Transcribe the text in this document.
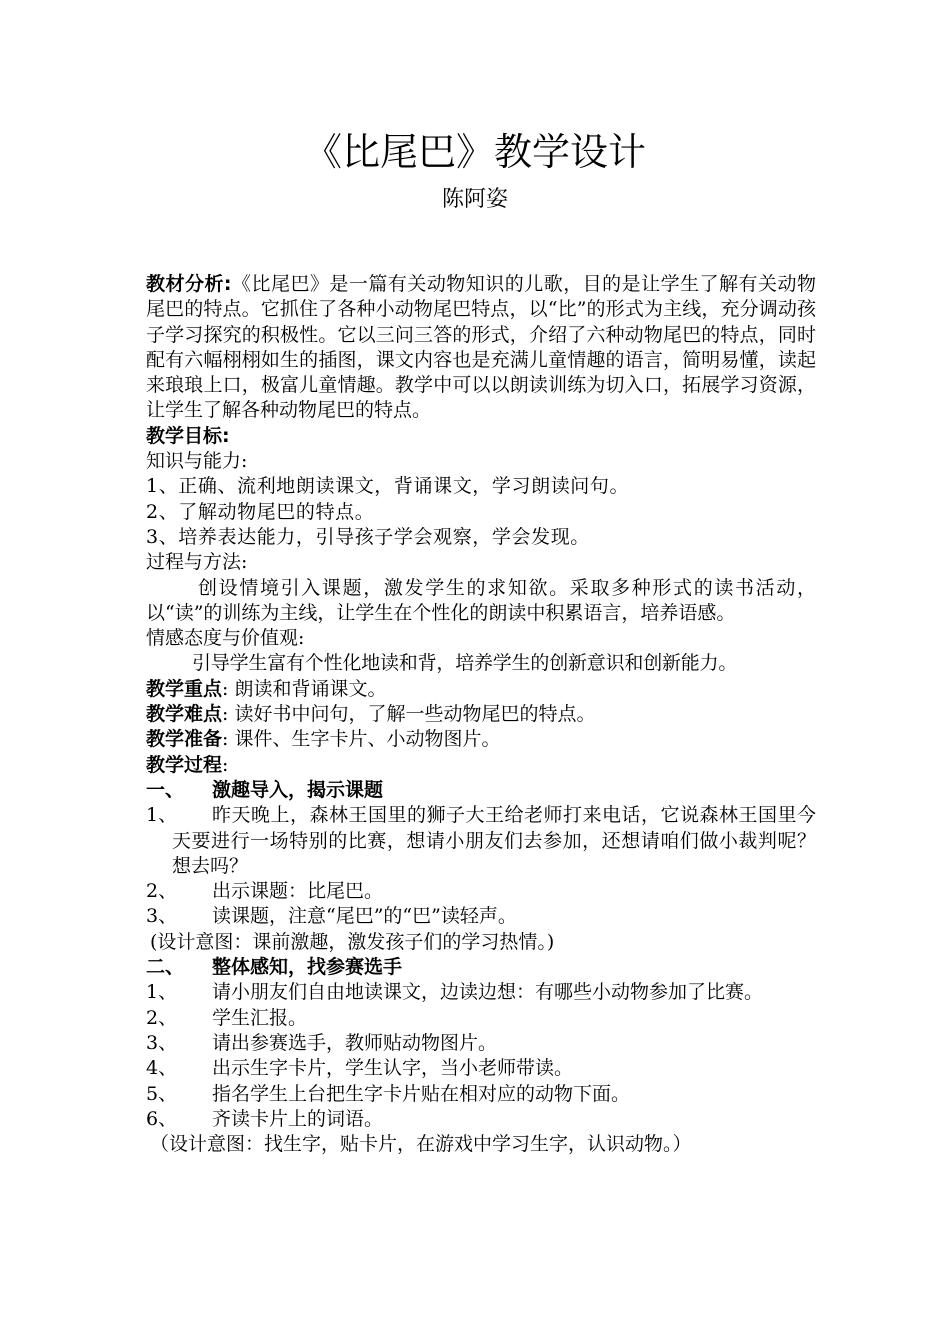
《比尾巴》教学设计
陈阿姿

教材分析:《比尾巴》是一篇有关动物知识的儿歌，目的是让学生了解有关动物尾巴的特点。它抓住了各种小动物尾巴特点，以“比”的形式为主线，充分调动孩子学习探究的积极性。它以三问三答的形式，介绍了六种动物尾巴的特点，同时配有六幅栩栩如生的插图，课文内容也是充满儿童情趣的语言，简明易懂，读起来琅琅上口，极富儿童情趣。教学中可以以朗读训练为切入口，拓展学习资源，让学生了解各种动物尾巴的特点。

教学目标:

知识与能力:

1、正确、流利地朗读课文，背诵课文，学习朗读问句。

2、了解动物尾巴的特点。

3、培养表达能力，引导孩子学会观察，学会发现。

过程与方法:

创设情境引入课题，激发学生的求知欲。采取多种形式的读书活动，以“读”的训练为主线，让学生在个性化的朗读中积累语言，培养语感。

情感态度与价值观:

引导学生富有个性化地读和背，培养学生的创新意识和创新能力。

教学重点: 朗读和背诵课文。

教学难点: 读好书中问句，了解一些动物尾巴的特点。

教学准备: 课件、生字卡片、小动物图片。

教学过程:

一、 激趣导入，揭示课题

1、 昨天晚上，森林王国里的狮子大王给老师打来电话，它说森林王国里今天要进行一场特别的比赛，想请小朋友们去参加，还想请咱们做小裁判呢？想去吗？

2、 出示课题：比尾巴。

3、 读课题，注意“尾巴”的“巴”读轻声。

(设计意图：课前激趣，激发孩子们的学习热情。)

二、 整体感知，找参赛选手

1、 请小朋友们自由地读课文，边读边想：有哪些小动物参加了比赛。

2、 学生汇报。

3、 请出参赛选手，教师贴动物图片。

4、 出示生字卡片，学生认字，当小老师带读。

5、 指名学生上台把生字卡片贴在相对应的动物下面。

6、 齐读卡片上的词语。

（设计意图：找生字，贴卡片，在游戏中学习生字，认识动物。）
